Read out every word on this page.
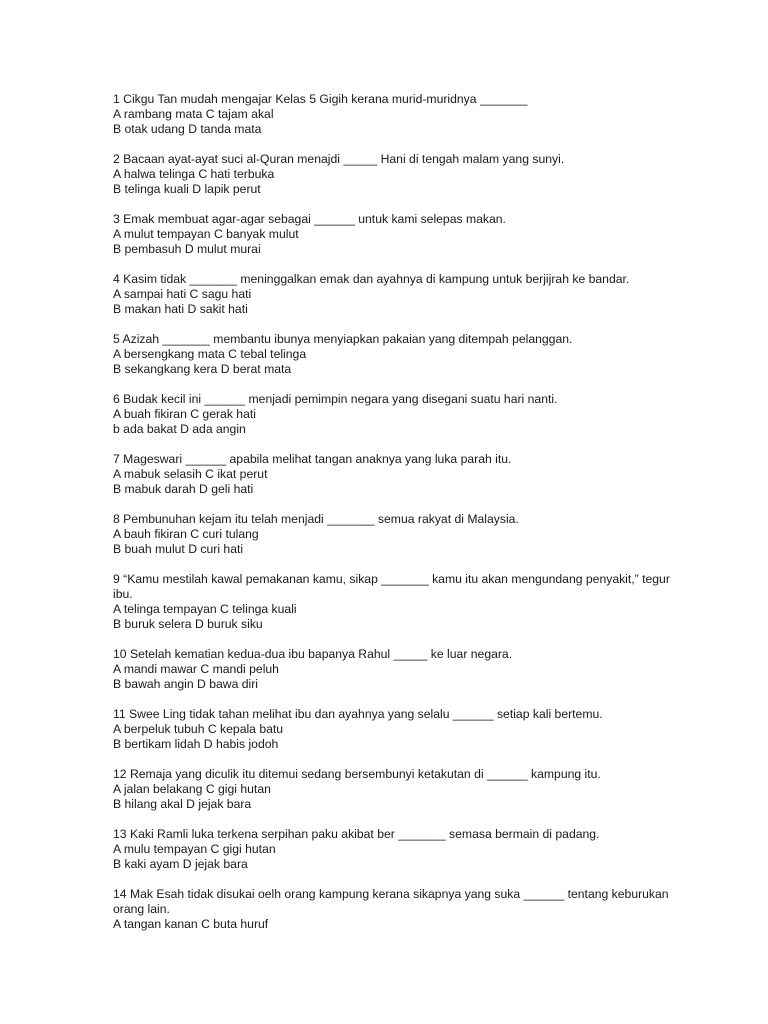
1 Cikgu Tan mudah mengajar Kelas 5 Gigih kerana murid-muridnya _______
A rambang mata C tajam akal
B otak udang D tanda mata
2 Bacaan ayat-ayat suci al-Quran menajdi _____ Hani di tengah malam yang sunyi.
A halwa telinga C hati terbuka
B telinga kuali D lapik perut
3 Emak membuat agar-agar sebagai ______ untuk kami selepas makan.
A mulut tempayan C banyak mulut
B pembasuh D mulut murai
4 Kasim tidak _______ meninggalkan emak dan ayahnya di kampung untuk berjijrah ke bandar.
A sampai hati C sagu hati
B makan hati D sakit hati
5 Azizah _______ membantu ibunya menyiapkan pakaian yang ditempah pelanggan.
A bersengkang mata C tebal telinga
B sekangkang kera D berat mata
6 Budak kecil ini ______ menjadi pemimpin negara yang disegani suatu hari nanti.
A buah fikiran C gerak hati
b ada bakat D ada angin
7 Mageswari ______ apabila melihat tangan anaknya yang luka parah itu.
A mabuk selasih C ikat perut
B mabuk darah D geli hati
8 Pembunuhan kejam itu telah menjadi _______ semua rakyat di Malaysia.
A bauh fikiran C curi tulang
B buah mulut D curi hati
9 “Kamu mestilah kawal pemakanan kamu, sikap _______ kamu itu akan mengundang penyakit,” tegur ibu.
A telinga tempayan C telinga kuali
B buruk selera D buruk siku
10 Setelah kematian kedua-dua ibu bapanya Rahul _____ ke luar negara.
A mandi mawar C mandi peluh
B bawah angin D bawa diri
11 Swee Ling tidak tahan melihat ibu dan ayahnya yang selalu ______ setiap kali bertemu.
A berpeluk tubuh C kepala batu
B bertikam lidah D habis jodoh
12 Remaja yang diculik itu ditemui sedang bersembunyi ketakutan di ______ kampung itu.
A jalan belakang C gigi hutan
B hilang akal D jejak bara
13 Kaki Ramli luka terkena serpihan paku akibat ber _______ semasa bermain di padang.
A mulu tempayan C gigi hutan
B kaki ayam D jejak bara
14 Mak Esah tidak disukai oelh orang kampung kerana sikapnya yang suka ______ tentang keburukan orang lain.
A tangan kanan C buta huruf
